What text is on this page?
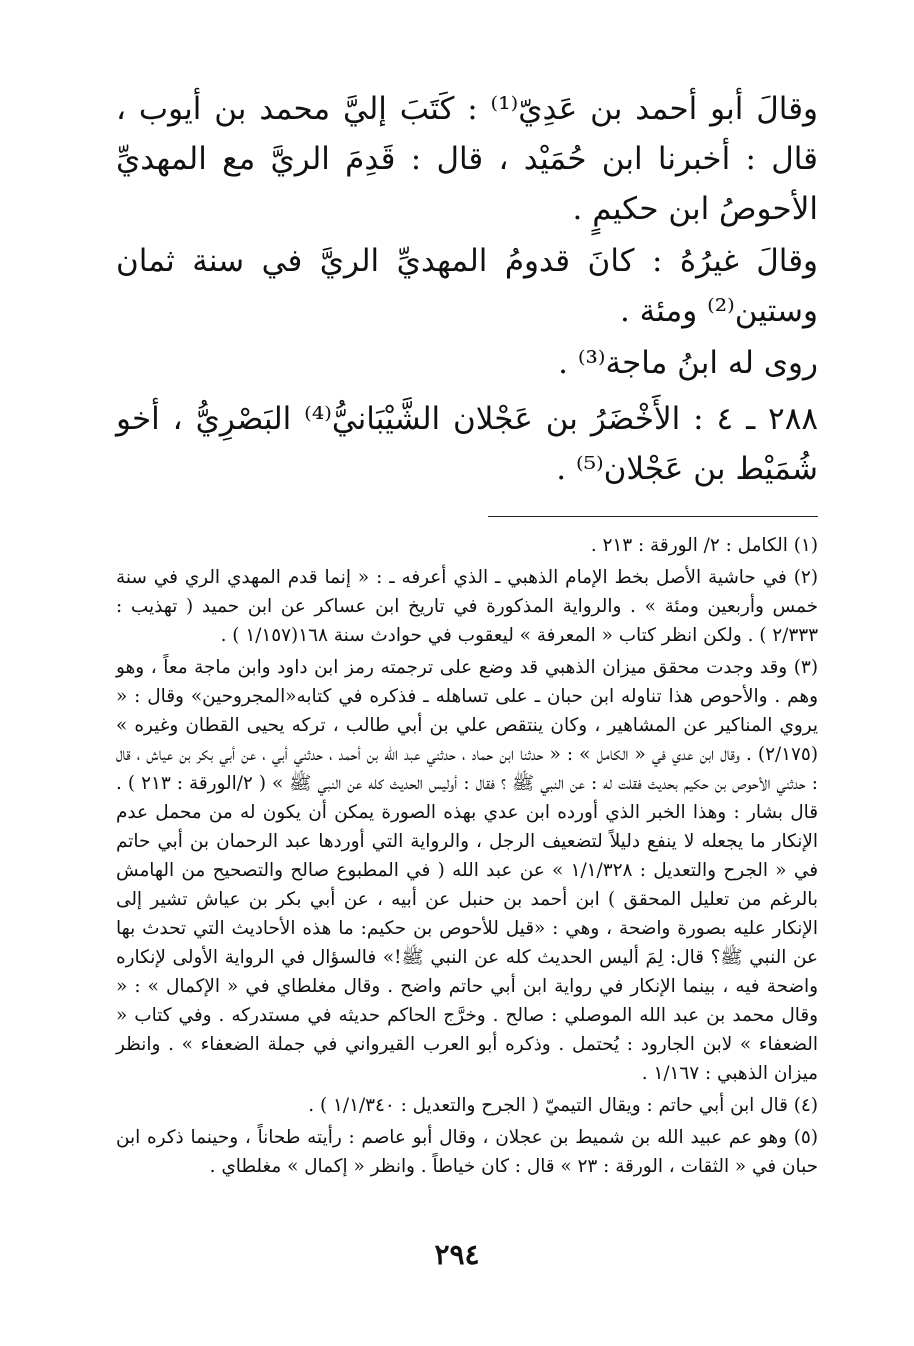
وقالَ أبو أحمد بن عَدِيّ⁽¹⁾ : كَتَبَ إليَّ محمد بن أيوب ، قال : أخبرنا ابن حُمَيْد ، قال : قَدِمَ الريَّ مع المهديِّ الأحوصُ ابن حكيمٍ .

وقالَ غيرُهُ : كانَ قدومُ المهديِّ الريَّ في سنة ثمان وستين⁽²⁾ ومئة .

روى له ابنُ ماجة⁽³⁾ .

٢٨٨ ـ ٤ : الأَخْضَرُ بن عَجْلان الشَّيْبَانيُّ⁽⁴⁾ البَصْرِيُّ ، أخو شُمَيْط بن عَجْلان⁽⁵⁾ .

(١) الكامل : ٢/ الورقة : ٢١٣ .

(٢) في حاشية الأصل بخط الإمام الذهبي ـ الذي أعرفه ـ : « إنما قدم المهدي الري في سنة خمس وأربعين ومئة » . والرواية المذكورة في تاريخ ابن عساكر عن ابن حميد ( تهذيب : ٢/٣٣٣ ) . ولكن انظر كتاب « المعرفة » ليعقوب في حوادث سنة ١٦٨(١/١٥٧ ) .

(٣) وقد وجدت محقق ميزان الذهبي قد وضع على ترجمته رمز ابن داود وابن ماجة معاً ، وهو وهم . والأحوص هذا تناوله ابن حبان ـ على تساهله ـ فذكره في كتابه«المجروحين» وقال : « يروي المناكير عن المشاهير ، وكان ينتقص علي بن أبي طالب ، تركه يحيى القطان وغيره » (٢/١٧٥) . وقال ابن عدي في « الكامل » : « حدثنا ابن حماد ، حدثني عبد الله بن أحمد ، حدثني أبي ، عن أبي بكر بن عياش ، قال : حدثني الأحوص بن حكيم بحديث فقلت له : عن النبي ﷺ ؟ فقال : أوليس الحديث كله عن النبي ﷺ » ( ٢/الورقة : ٢١٣ ) . قال بشار : وهذا الخبر الذي أورده ابن عدي بهذه الصورة يمكن أن يكون له من محمل عدم الإنكار ما يجعله لا ينفع دليلاً لتضعيف الرجل ، والرواية التي أوردها عبد الرحمان بن أبي حاتم في « الجرح والتعديل : ١/١/٣٢٨ » عن عبد الله ( في المطبوع صالح والتصحيح من الهامش بالرغم من تعليل المحقق ) ابن أحمد بن حنبل عن أبيه ، عن أبي بكر بن عياش تشير إلى الإنكار عليه بصورة واضحة ، وهي : «قيل للأحوص بن حكيم: ما هذه الأحاديث التي تحدث بها عن النبي ﷺ؟ قال: لِمَ أليس الحديث كله عن النبي ﷺ!» فالسؤال في الرواية الأولى لإنكاره واضحة فيه ، بينما الإنكار في رواية ابن أبي حاتم واضح . وقال مغلطاي في « الإكمال » : « وقال محمد بن عبد الله الموصلي : صالح . وخرَّج الحاكم حديثه في مستدركه . وفي كتاب « الضعفاء » لابن الجارود : يُحتمل . وذكره أبو العرب القيرواني في جملة الضعفاء » . وانظر ميزان الذهبي : ١/١٦٧ .

(٤) قال ابن أبي حاتم : ويقال التيميّ ( الجرح والتعديل : ١/١/٣٤٠ ) .

(٥) وهو عم عبيد الله بن شميط بن عجلان ، وقال أبو عاصم : رأيته طحاناً ، وحينما ذكره ابن حبان في « الثقات ، الورقة : ٢٣ » قال : كان خياطاً . وانظر « إكمال » مغلطاي .

٢٩٤
